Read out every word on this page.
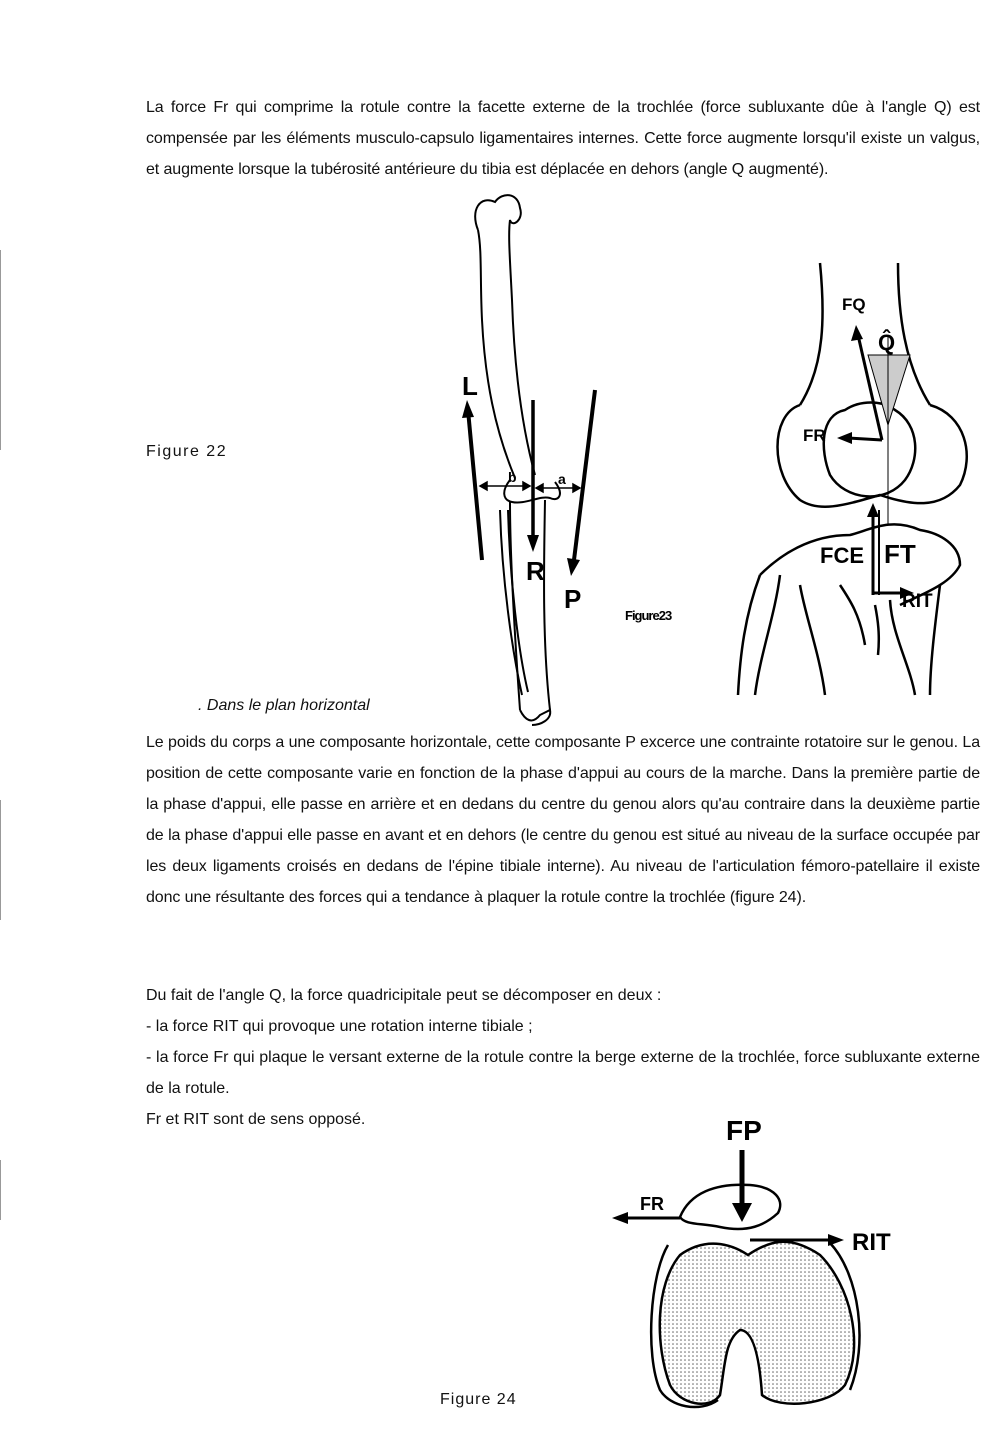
La force Fr qui comprime la rotule contre la facette externe de la trochlée (force subluxante dûe à l'angle Q) est compensée par les éléments musculo-capsulo ligamentaires internes. Cette force augmente lorsqu'il existe un valgus, et augmente lorsque la tubérosité antérieure du tibia est déplacée en dehors (angle Q augmenté).

Figure 22
L
R
P
b	a
FQ
Q̂
FR
FCE FT
RIT
Figure23
. Dans le plan horizontal

Le poids du corps a une composante horizontale, cette composante P excerce une contrainte rotatoire sur le genou. La position de cette composante varie en fonction de la phase d'appui au cours de la marche. Dans la première partie de la phase d'appui, elle passe en arrière et en dedans du centre du genou alors qu'au contraire dans la deuxième partie de la phase d'appui elle passe en avant et en dehors (le centre du genou est situé au niveau de la surface occupée par les deux ligaments croisés en dedans de l'épine tibiale interne). Au niveau de l'articulation fémoro-patellaire il existe donc une résultante des forces qui a tendance à plaquer la rotule contre la trochlée (figure 24).

Du fait de l'angle Q, la force quadricipitale peut se décomposer en deux :
- la force RIT qui provoque une rotation interne tibiale ;
- la force Fr qui plaque le versant externe de la rotule contre la berge externe de la trochlée, force subluxante externe de la rotule.
Fr et RIT sont de sens opposé.	FP
FR
RIT
Figure 24
